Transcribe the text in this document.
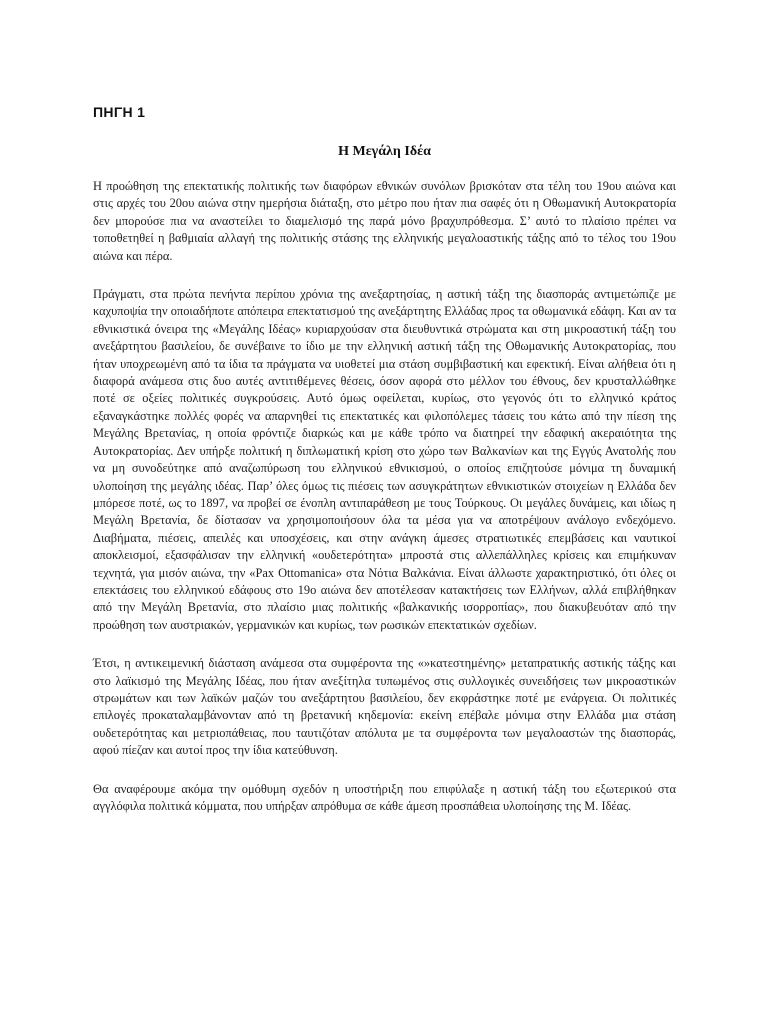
ΠΗΓΗ 1
Η Μεγάλη Ιδέα

Η προώθηση της επεκτατικής πολιτικής των διαφόρων εθνικών συνόλων βρισκόταν στα τέλη του 19ου αιώνα και στις αρχές του 20ου αιώνα στην ημερήσια διάταξη, στο μέτρο που ήταν πια σαφές ότι η Οθωμανική Αυτοκρατορία δεν μπορούσε πια να αναστείλει το διαμελισμό της παρά μόνο βραχυπρόθεσμα. Σ’ αυτό το πλαίσιο πρέπει να τοποθετηθεί η βαθμιαία αλλαγή της πολιτικής στάσης της ελληνικής μεγαλοαστικής τάξης από το τέλος του 19ου αιώνα και πέρα.

Πράγματι, στα πρώτα πενήντα περίπου χρόνια της ανεξαρτησίας, η αστική τάξη της διασποράς αντιμετώπιζε με καχυποψία την οποιαδήποτε απόπειρα επεκτατισμού της ανεξάρτητης Ελλάδας προς τα οθωμανικά εδάφη. Και αν τα εθνικιστικά όνειρα της «Μεγάλης Ιδέας» κυριαρχούσαν στα διευθυντικά στρώματα και στη μικροαστική τάξη του ανεξάρτητου βασιλείου, δε συνέβαινε το ίδιο με την ελληνική αστική τάξη της Οθωμανικής Αυτοκρατορίας, που ήταν υποχρεωμένη από τα ίδια τα πράγματα να υιοθετεί μια στάση συμβιβαστική και εφεκτική. Είναι αλήθεια ότι η διαφορά ανάμεσα στις δυο αυτές αντιτιθέμενες θέσεις, όσον αφορά στο μέλλον του έθνους, δεν κρυσταλλώθηκε ποτέ σε οξείες πολιτικές συγκρούσεις. Αυτό όμως οφείλεται, κυρίως, στο γεγονός ότι το ελληνικό κράτος εξαναγκάστηκε πολλές φορές να απαρνηθεί τις επεκτατικές και φιλοπόλεμες τάσεις του κάτω από την πίεση της Μεγάλης Βρετανίας, η οποία φρόντιζε διαρκώς και με κάθε τρόπο να διατηρεί την εδαφική ακεραιότητα της Αυτοκρατορίας. Δεν υπήρξε πολιτική η διπλωματική κρίση στο χώρο των Βαλκανίων και της Εγγύς Ανατολής που να μη συνοδεύτηκε από αναζωπύρωση του ελληνικού εθνικισμού, ο οποίος επιζητούσε μόνιμα τη δυναμική υλοποίηση της μεγάλης ιδέας. Παρ’ όλες όμως τις πιέσεις των ασυγκράτητων εθνικιστικών στοιχείων η Ελλάδα δεν μπόρεσε ποτέ, ως το 1897, να προβεί σε ένοπλη αντιπαράθεση με τους Τούρκους. Οι μεγάλες δυνάμεις, και ιδίως η Μεγάλη Βρετανία, δε δίστασαν να χρησιμοποιήσουν όλα τα μέσα για να αποτρέψουν ανάλογο ενδεχόμενο. Διαβήματα, πιέσεις, απειλές και υποσχέσεις, και στην ανάγκη άμεσες στρατιωτικές επεμβάσεις και ναυτικοί αποκλεισμοί, εξασφάλισαν την ελληνική «ουδετερότητα» μπροστά στις αλλεπάλληλες κρίσεις και επιμήκυναν τεχνητά, για μισόν αιώνα, την «Pax Ottomanica» στα Νότια Βαλκάνια. Είναι άλλωστε χαρακτηριστικό, ότι όλες οι επεκτάσεις του ελληνικού εδάφους στο 19ο αιώνα δεν αποτέλεσαν κατακτήσεις των Ελλήνων, αλλά επιβλήθηκαν από την Μεγάλη Βρετανία, στο πλαίσιο μιας πολιτικής «βαλκανικής ισορροπίας», που διακυβευόταν από την προώθηση των αυστριακών, γερμανικών και κυρίως, των ρωσικών επεκτατικών σχεδίων.

Έτσι, η αντικειμενική διάσταση ανάμεσα στα συμφέροντα της «»κατεστημένης» μεταπρατικής αστικής τάξης και στο λαϊκισμό της Μεγάλης Ιδέας, που ήταν ανεξίτηλα τυπωμένος στις συλλογικές συνειδήσεις των μικροαστικών στρωμάτων και των λαϊκών μαζών του ανεξάρτητου βασιλείου, δεν εκφράστηκε ποτέ με ενάργεια. Οι πολιτικές επιλογές προκαταλαμβάνονταν από τη βρετανική κηδεμονία: εκείνη επέβαλε μόνιμα στην Ελλάδα μια στάση ουδετερότητας και μετριοπάθειας, που ταυτιζόταν απόλυτα με τα συμφέροντα των μεγαλοαστών της διασποράς, αφού πίεζαν και αυτοί προς την ίδια κατεύθυνση.

Θα αναφέρουμε ακόμα την ομόθυμη σχεδόν η υποστήριξη που επιφύλαξε η αστική τάξη του εξωτερικού στα αγγλόφιλα πολιτικά κόμματα, που υπήρξαν απρόθυμα σε κάθε άμεση προσπάθεια υλοποίησης της Μ. Ιδέας.
